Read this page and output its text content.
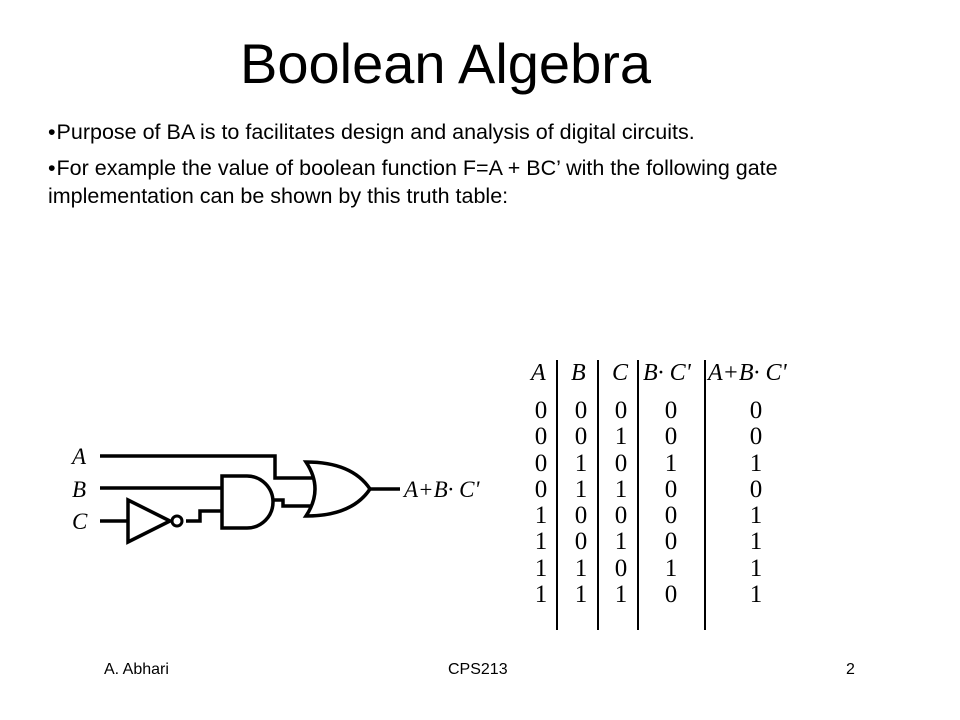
Boolean Algebra
•Purpose of BA is to facilitates design and analysis of digital circuits.
•For example the value of boolean function F=A + BC’ with the following gate implementation can be shown by this truth table:
A
B
C
A+B· C'
A B C B· C' A+B· C'
0
0
0
0
1
1
1
1
0
0
1
1
0
0
1
1
0
1
0
1
0
1
0
1
0
0
1
0
0
0
1
0
0
0
1
0
1
1
1
1
A. Abhari	CPS213	2
